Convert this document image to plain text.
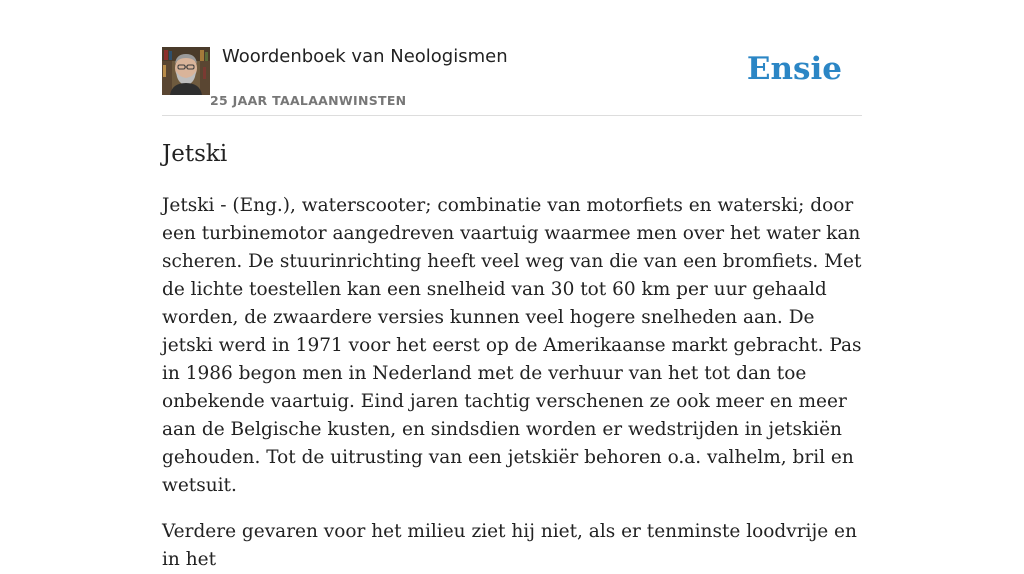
Woordenboek van Neologismen
25 JAAR TAALAANWINSTEN
Ensie
Jetski

Jetski - (Eng.), waterscooter; combinatie van motorfiets en waterski; door een turbinemotor aangedreven vaartuig waarmee men over het water kan scheren. De stuurinrichting heeft veel weg van die van een bromfiets. Met de lichte toestellen kan een snelheid van 30 tot 60 km per uur gehaald worden, de zwaardere versies kunnen veel hogere snelheden aan. De jetski werd in 1971 voor het eerst op de Amerikaanse markt gebracht. Pas in 1986 begon men in Nederland met de verhuur van het tot dan toe onbekende vaartuig. Eind jaren tachtig verschenen ze ook meer en meer aan de Belgische kusten, en sindsdien worden er wedstrijden in jetskiën gehouden. Tot de uitrusting van een jetskiër behoren o.a. valhelm, bril en wetsuit.

Verdere gevaren voor het milieu ziet hij niet, als er tenminste loodvrije en in het
